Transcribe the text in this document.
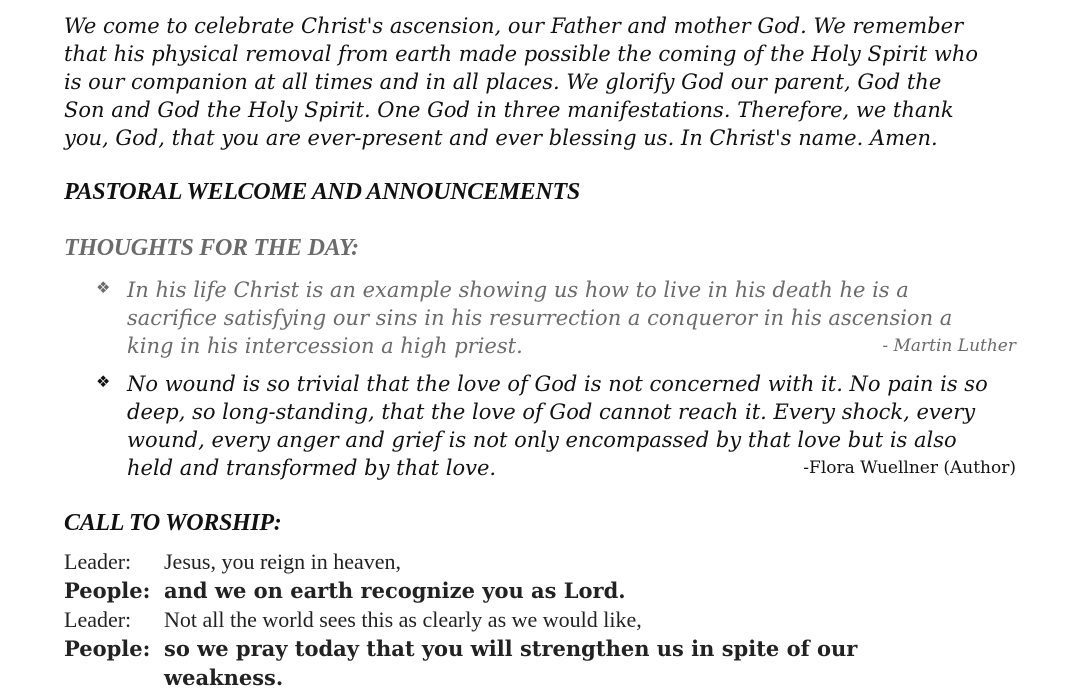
We come to celebrate Christ's ascension, our Father and mother God. We remember
that his physical removal from earth made possible the coming of the Holy Spirit who
is our companion at all times and in all places. We glorify God our parent, God the
Son and God the Holy Spirit. One God in three manifestations. Therefore, we thank
you, God, that you are ever-present and ever blessing us. In Christ's name. Amen.
PASTORAL WELCOME AND ANNOUNCEMENTS
THOUGHTS FOR THE DAY:
❖ In his life Christ is an example showing us how to live in his death he is a
sacrifice satisfying our sins in his resurrection a conqueror in his ascension a
king in his intercession a high priest.	- Martin Luther
❖ No wound is so trivial that the love of God is not concerned with it. No pain is so
deep, so long-standing, that the love of God cannot reach it. Every shock, every
wound, every anger and grief is not only encompassed by that love but is also
held and transformed by that love.	-Flora Wuellner (Author)
CALL TO WORSHIP:
Leader: Jesus, you reign in heaven,
People: and we on earth recognize you as Lord.
Leader: Not all the world sees this as clearly as we would like,
People: so we pray today that you will strengthen us in spite of our
weakness.
